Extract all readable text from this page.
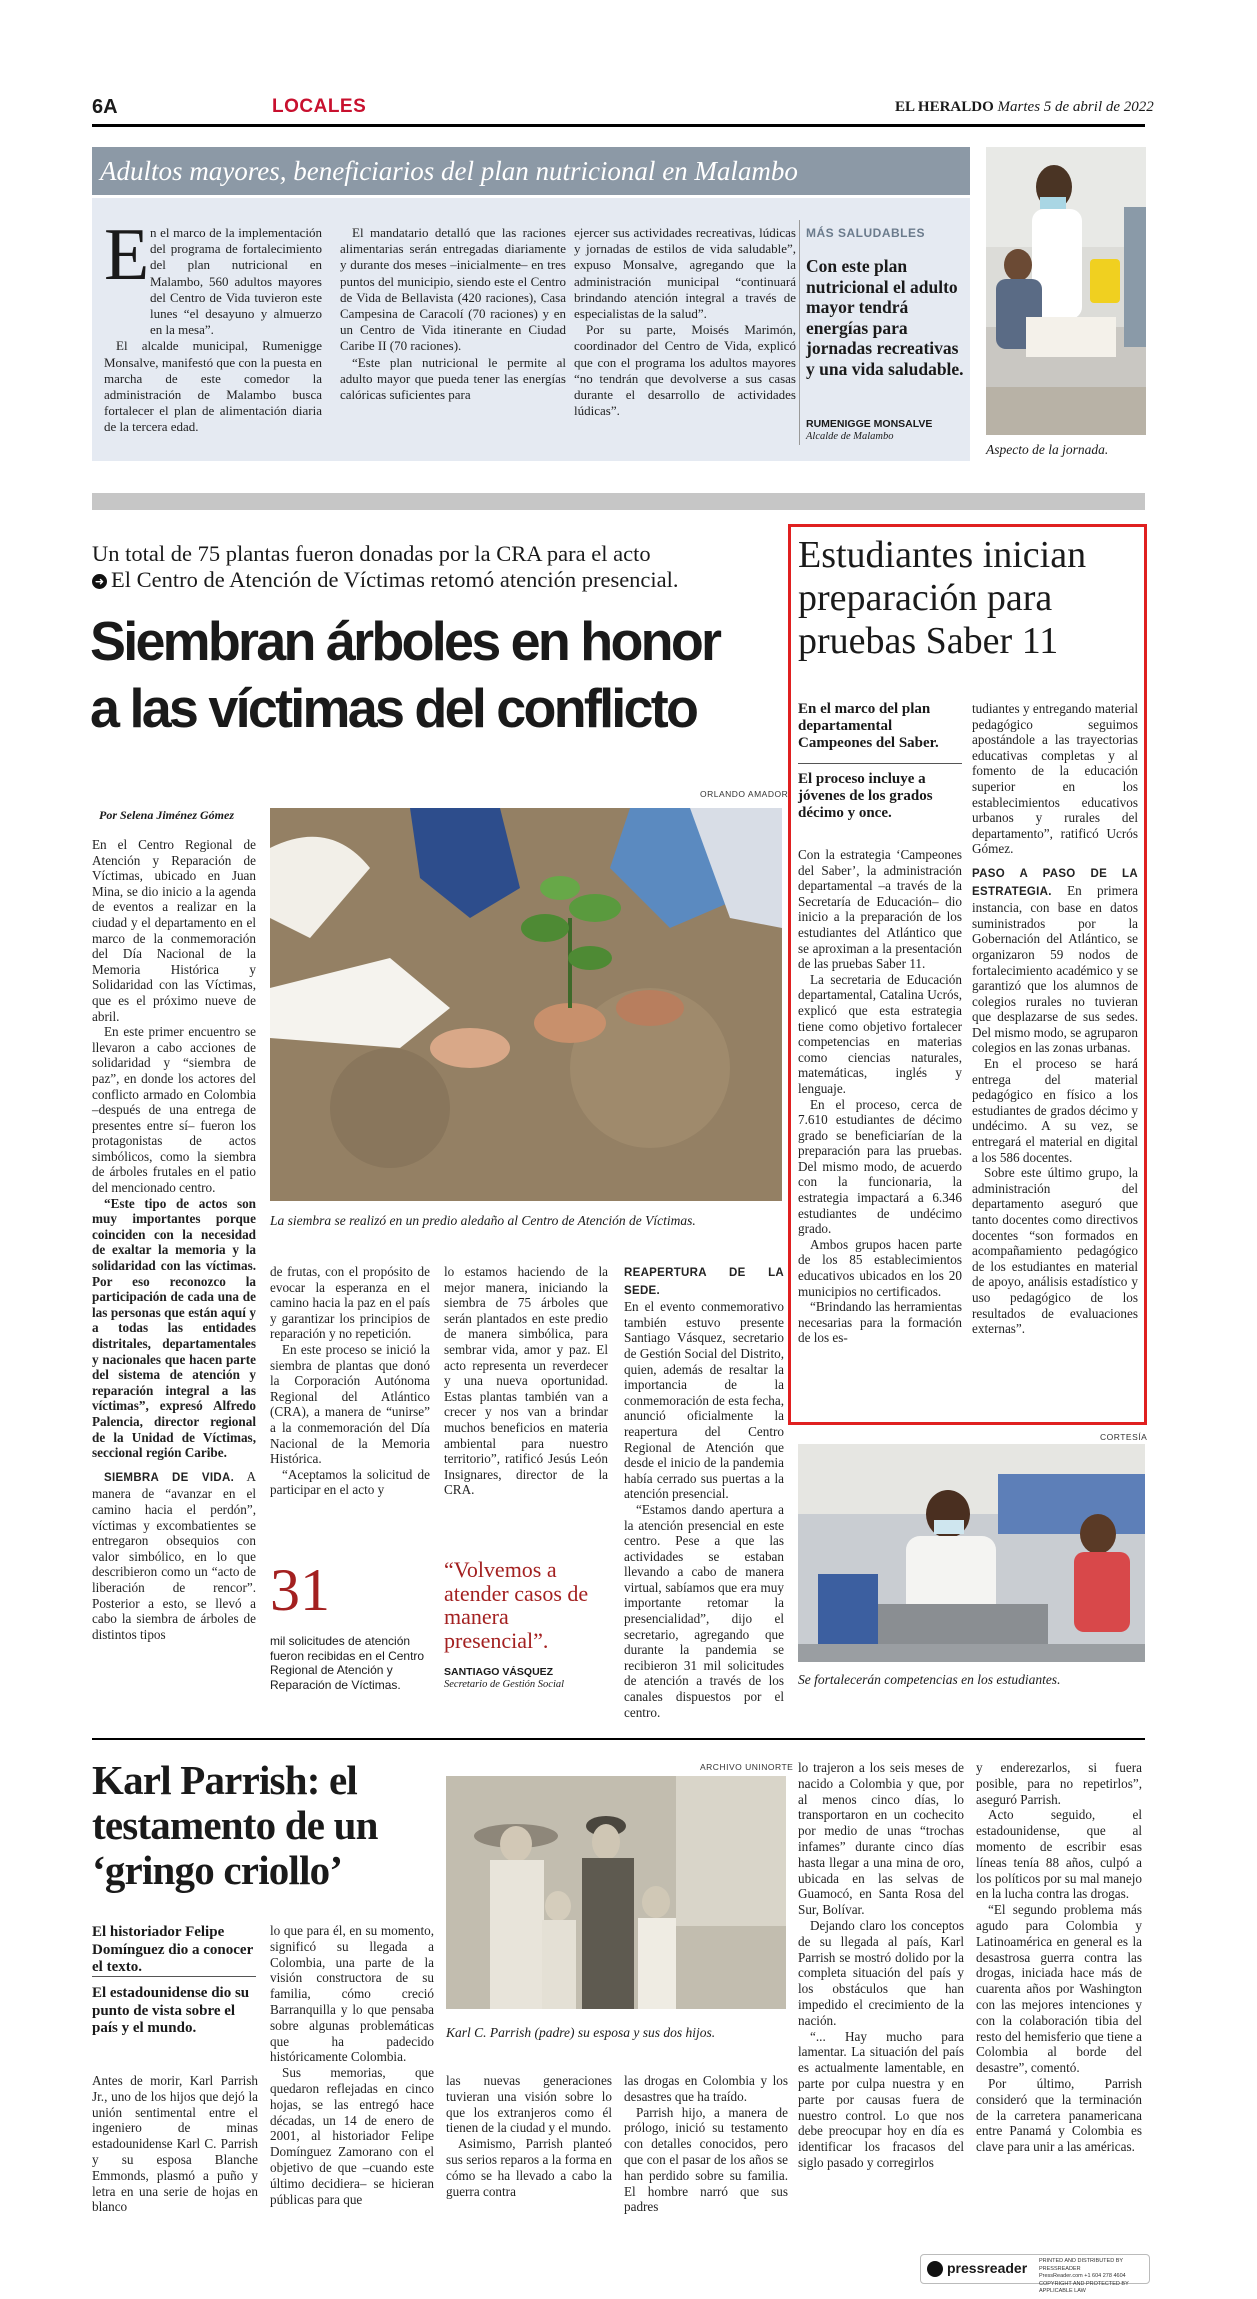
6A	LOCALES	EL HERALDO Martes 5 de abril de 2022
Adultos mayores, beneficiarios del plan nutricional en Malambo
E n el marco de la implementación del programa de fortalecimiento del plan nutricional en Malambo, 560 adultos mayores del Centro de Vida tuvieron este lunes “el desayuno y almuerzo en la mesa”.

El alcalde municipal, Rumenigge Monsalve, manifestó que con la puesta en marcha de este comedor la administración de Malambo busca fortalecer el plan de alimentación diaria de la tercera edad.

El mandatario detalló que las raciones alimentarias serán entregadas diariamente y durante dos meses –inicialmente– en tres puntos del municipio, siendo este el Centro de Vida de Bellavista (420 raciones), Casa Campesina de Caracolí (70 raciones) y en un Centro de Vida itinerante en Ciudad Caribe II (70 raciones).

“Este plan nutricional le permite al adulto mayor que pueda tener las energías calóricas suficientes para

ejercer sus actividades recreativas, lúdicas y jornadas de estilos de vida saludable”, expuso Monsalve, agregando que la administración municipal “continuará brindando atención integral a través de especialistas de la salud”.

Por su parte, Moisés Marimón, coordinador del Centro de Vida, explicó que con el programa los adultos mayores “no tendrán que devolverse a sus casas durante el desarrollo de actividades lúdicas”.

MÁS SALUDABLES
Con este plan nutricional el adulto mayor tendrá energías para jornadas recreativas y una vida saludable.
RUMENIGGE MONSALVE
Alcalde de Malambo
Aspecto de la jornada.
Un total de 75 plantas fueron donadas por la CRA para el acto
➜ El Centro de Atención de Víctimas retomó atención presencial.
Siembran árboles en honor
a las víctimas del conflicto
ORLANDO AMADOR
Por Selena Jiménez Gómez
La siembra se realizó en un predio aledaño al Centro de Atención de Víctimas.

En el Centro Regional de Atención y Reparación de Víctimas, ubicado en Juan Mina, se dio inicio a la agenda de eventos a realizar en la ciudad y el departamento en el marco de la conmemoración del Día Nacional de la Memoria Histórica y Solidaridad con las Víctimas, que es el próximo nueve de abril.

En este primer encuentro se llevaron a cabo acciones de solidaridad y “siembra de paz”, en donde los actores del conflicto armado en Colombia –después de una entrega de presentes entre sí– fueron los protagonistas de actos simbólicos, como la siembra de árboles frutales en el patio del mencionado centro.

“Este tipo de actos son muy importantes porque coinciden con la necesidad de exaltar la memoria y la solidaridad con las víctimas. Por eso reconozco la participación de cada una de las personas que están aquí y a todas las entidades distritales, departamentales y nacionales que hacen parte del sistema de atención y reparación integral a las víctimas”, expresó Alfredo Palencia, director regional de la Unidad de Víctimas, seccional región Caribe.

SIEMBRA DE VIDA. A manera de “avanzar en el camino hacia el perdón”, víctimas y excombatientes se entregaron obsequios con valor simbólico, en lo que describieron como un “acto de liberación de rencor”. Posterior a esto, se llevó a cabo la siembra de árboles de distintos tipos

de frutas, con el propósito de evocar la esperanza en el camino hacia la paz en el país y garantizar los principios de reparación y no repetición.

En este proceso se inició la siembra de plantas que donó la Corporación Autónoma Regional del Atlántico (CRA), a manera de “unirse” a la conmemoración del Día Nacional de la Memoria Histórica.

“Aceptamos la solicitud de participar en el acto y

lo estamos haciendo de la mejor manera, iniciando la siembra de 75 árboles que serán plantados en este predio de manera simbólica, para sembrar vida, amor y paz. El acto representa un reverdecer y una nueva oportunidad. Estas plantas también van a crecer y nos van a brindar muchos beneficios en materia ambiental para nuestro territorio”, ratificó Jesús León Insignares, director de la CRA.

REAPERTURA DE LA SEDE.

En el evento conmemorativo también estuvo presente Santiago Vásquez, secretario de Gestión Social del Distrito, quien, además de resaltar la importancia de la conmemoración de esta fecha, anunció oficialmente la reapertura del Centro Regional de Atención que desde el inicio de la pandemia había cerrado sus puertas a la atención presencial.

“Estamos dando apertura a la atención presencial en este centro. Pese a que las actividades se estaban llevando a cabo de manera virtual, sabíamos que era muy importante retomar la presencialidad”, dijo el secretario, agregando que durante la pandemia se recibieron 31 mil solicitudes de atención a través de los canales dispuestos por el centro.

31
mil solicitudes de atención fueron recibidas en el Centro Regional de Atención y Reparación de Víctimas.
“Volvemos a atender casos de manera presencial”.
SANTIAGO VÁSQUEZ
Secretario de Gestión Social
Estudiantes inician preparación para pruebas Saber 11
En el marco del plan departamental Campeones del Saber.
El proceso incluye a jóvenes de los grados décimo y once.

Con la estrategia ‘Campeones del Saber’, la administración departamental –a través de la Secretaría de Educación– dio inicio a la preparación de los estudiantes del Atlántico que se aproximan a la presentación de las pruebas Saber 11.

La secretaria de Educación departamental, Catalina Ucrós, explicó que esta estrategia tiene como objetivo fortalecer competencias en materias como ciencias naturales, matemáticas, inglés y lenguaje.

En el proceso, cerca de 7.610 estudiantes de décimo grado se beneficiarían de la preparación para las pruebas. Del mismo modo, de acuerdo con la funcionaria, la estrategia impactará a 6.346 estudiantes de undécimo grado.

Ambos grupos hacen parte de los 85 establecimientos educativos ubicados en los 20 municipios no certificados.

“Brindando las herramientas necesarias para la formación de los es-

tudiantes y entregando material pedagógico seguimos apostándole a las trayectorias educativas completas y al fomento de la educación superior en los establecimientos educativos urbanos y rurales del departamento”, ratificó Ucrós Gómez.

PASO A PASO DE LA ESTRATEGIA. En primera instancia, con base en datos suministrados por la Gobernación del Atlántico, se organizaron 59 nodos de fortalecimiento académico y se garantizó que los alumnos de colegios rurales no tuvieran que desplazarse de sus sedes. Del mismo modo, se agruparon colegios en las zonas urbanas.

En el proceso se hará entrega del material pedagógico en físico a los estudiantes de grados décimo y undécimo. A su vez, se entregará el material en digital a los 586 docentes.

Sobre este último grupo, la administración del departamento aseguró que tanto docentes como directivos docentes “son formados en acompañamiento pedagógico de los estudiantes en material de apoyo, análisis estadístico y uso pedagógico de los resultados de evaluaciones externas”.

CORTESÍA
Se fortalecerán competencias en los estudiantes.
Karl Parrish: el testamento de un ‘gringo criollo’
El historiador Felipe Domínguez dio a conocer el texto.
El estadounidense dio su punto de vista sobre el país y el mundo.

Antes de morir, Karl Parrish Jr., uno de los hijos que dejó la unión sentimental entre el ingeniero de minas estadounidense Karl C. Parrish y su esposa Blanche Emmonds, plasmó a puño y letra en una serie de hojas en blanco

ARCHIVO UNINORTE
Karl C. Parrish (padre) su esposa y sus dos hijos.

lo que para él, en su momento, significó su llegada a Colombia, una parte de la visión constructora de su familia, cómo creció Barranquilla y lo que pensaba sobre algunas problemáticas que ha padecido históricamente Colombia.

Sus memorias, que quedaron reflejadas en cinco hojas, se las entregó hace décadas, un 14 de enero de 2001, al historiador Felipe Domínguez Zamorano con el objetivo de que –cuando este último decidiera– se hicieran públicas para que

las nuevas generaciones tuvieran una visión sobre lo que los extranjeros como él tienen de la ciudad y el mundo.

Asimismo, Parrish planteó sus serios reparos a la forma en cómo se ha llevado a cabo la guerra contra

las drogas en Colombia y los desastres que ha traído.

Parrish hijo, a manera de prólogo, inició su testamento con detalles conocidos, pero que con el pasar de los años se han perdido sobre su familia. El hombre narró que sus padres

lo trajeron a los seis meses de nacido a Colombia y que, por al menos cinco días, lo transportaron en un cochecito por medio de unas “trochas infames” durante cinco días hasta llegar a una mina de oro, ubicada en las selvas de Guamocó, en Santa Rosa del Sur, Bolívar.

Dejando claro los conceptos de su llegada al país, Karl Parrish se mostró dolido por la completa situación del país y los obstáculos que han impedido el crecimiento de la nación.

“... Hay mucho para lamentar. La situación del país es actualmente lamentable, en parte por culpa nuestra y en parte por causas fuera de nuestro control. Lo que nos debe preocupar hoy en día es identificar los fracasos del siglo pasado y corregirlos

y enderezarlos, si fuera posible, para no repetirlos”, aseguró Parrish.

Acto seguido, el estadounidense, que al momento de escribir esas líneas tenía 88 años, culpó a los políticos por su mal manejo en la lucha contra las drogas.

“El segundo problema más agudo para Colombia y Latinoamérica en general es la desastrosa guerra contra las drogas, iniciada hace más de cuarenta años por Washington con las mejores intenciones y con la colaboración tibia del resto del hemisferio que tiene a Colombia al borde del desastre”, comentó.

Por último, Parrish consideró que la terminación de la carretera panamericana entre Panamá y Colombia es clave para unir a las américas.

pressreader PRINTED AND DISTRIBUTED BY PRESSREADER
PressReader.com +1 604 278 4604
COPYRIGHT AND PROTECTED BY APPLICABLE LAW
